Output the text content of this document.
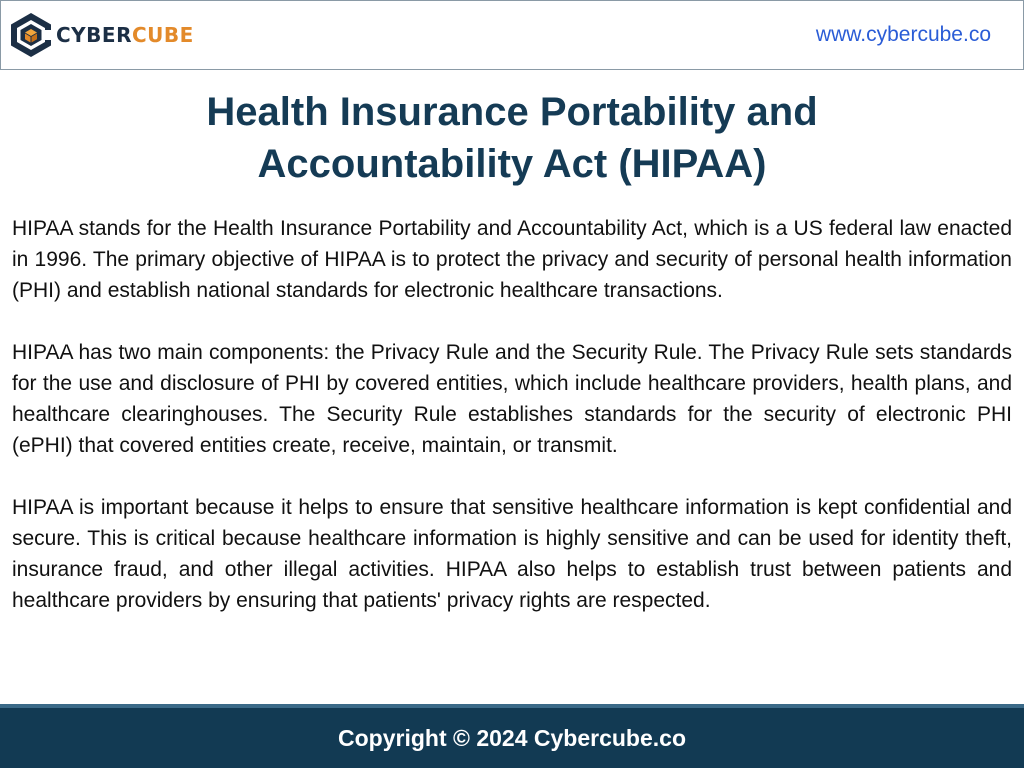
CYBERCUBE	www.cybercube.co
Health Insurance Portability and
Accountability Act (HIPAA)

HIPAA stands for the Health Insurance Portability and Accountability Act, which is a US federal law enacted in 1996. The primary objective of HIPAA is to protect the privacy and security of personal health information (PHI) and establish national standards for electronic healthcare transactions.

HIPAA has two main components: the Privacy Rule and the Security Rule. The Privacy Rule sets standards for the use and disclosure of PHI by covered entities, which include healthcare providers, health plans, and healthcare clearinghouses. The Security Rule establishes standards for the security of electronic PHI (ePHI) that covered entities create, receive, maintain, or transmit.

HIPAA is important because it helps to ensure that sensitive healthcare information is kept confidential and secure. This is critical because healthcare information is highly sensitive and can be used for identity theft, insurance fraud, and other illegal activities. HIPAA also helps to establish trust between patients and healthcare providers by ensuring that patients' privacy rights are respected.

Copyright © 2024 Cybercube.co
